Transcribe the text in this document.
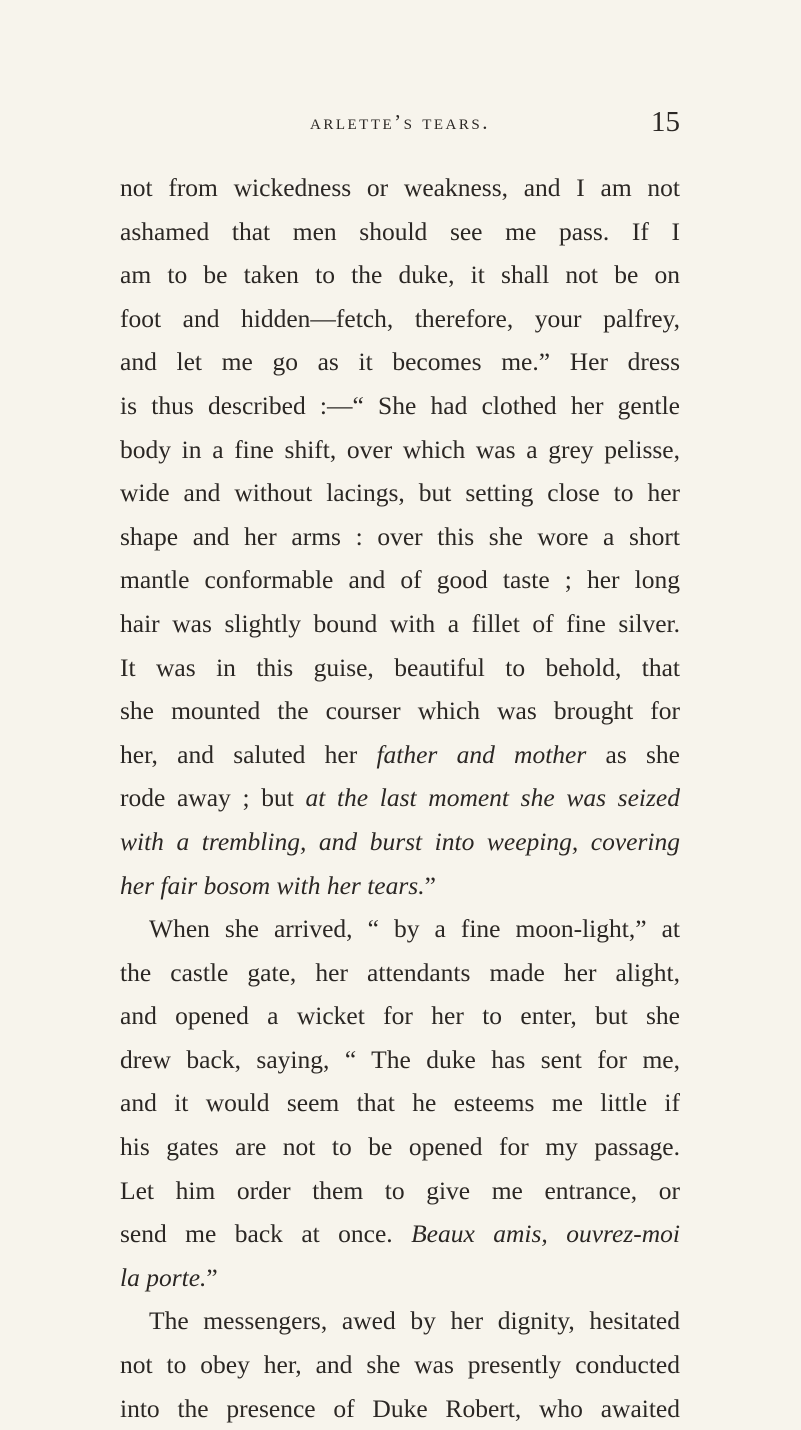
arlette’s tears.	15
not from wickedness or weakness, and I am not
ashamed that men should see me pass. If I
am to be taken to the duke, it shall not be on
foot and hidden—fetch, therefore, your palfrey,
and let me go as it becomes me.” Her dress
is thus described :—“ She had clothed her gentle
body in a fine shift, over which was a grey pelisse,
wide and without lacings, but setting close to her
shape and her arms : over this she wore a short
mantle conformable and of good taste ; her long
hair was slightly bound with a fillet of fine silver.
It was in this guise, beautiful to behold, that
she mounted the courser which was brought for
her, and saluted her father and mother as she
rode away ; but at the last moment she was seized
with a trembling, and burst into weeping, covering
her fair bosom with her tears.”
When she arrived, “ by a fine moon-light,” at
the castle gate, her attendants made her alight,
and opened a wicket for her to enter, but she
drew back, saying, “ The duke has sent for me,
and it would seem that he esteems me little if
his gates are not to be opened for my passage.
Let him order them to give me entrance, or
send me back at once. Beaux amis, ouvrez-moi
la porte.”
The messengers, awed by her dignity, hesitated
not to obey her, and she was presently conducted
into the presence of Duke Robert, who awaited
